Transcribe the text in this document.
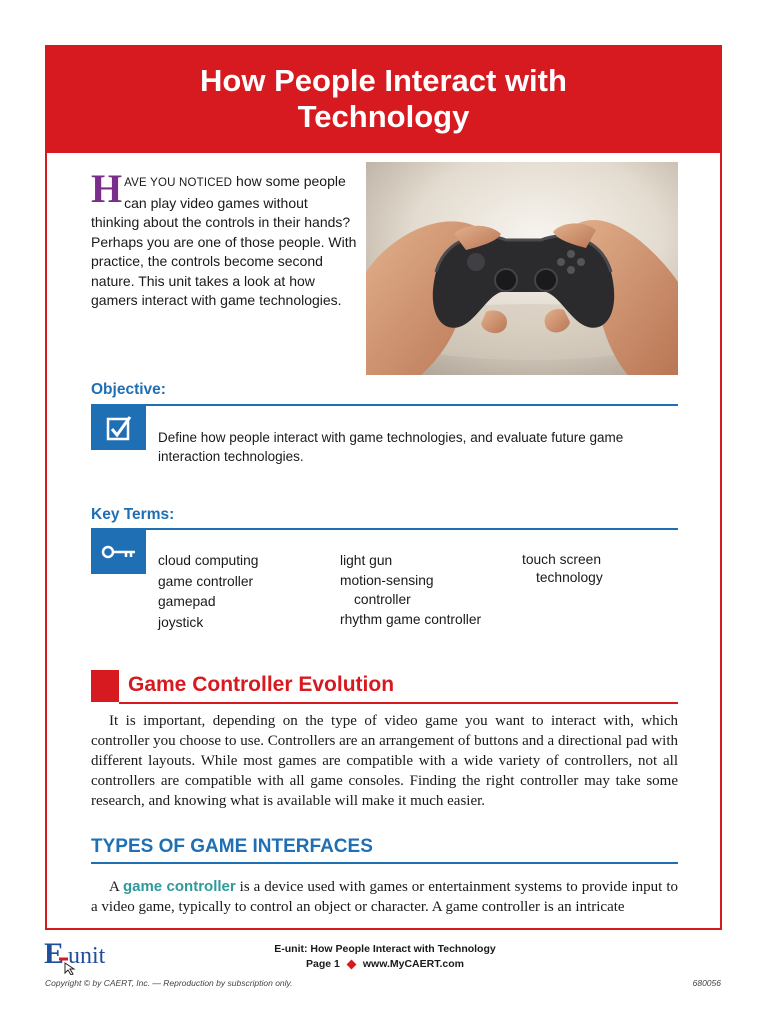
How People Interact with Technology
HAVE YOU NOTICED how some people can play video games without thinking about the controls in their hands? Perhaps you are one of those people. With practice, the controls become second nature. This unit takes a look at how gamers interact with game technologies.
Objective:
Define how people interact with game technologies, and evaluate future game interaction technologies.
Key Terms:
cloud computing
game controller
gamepad
joystick
light gun
motion-sensing
controller
rhythm game controller
touch screen
technology
Game Controller Evolution

It is important, depending on the type of video game you want to interact with, which controller you choose to use. Controllers are an arrangement of buttons and a directional pad with different layouts. While most games are compatible with a wide variety of controllers, not all controllers are compatible with all game consoles. Finding the right controller may take some research, and knowing what is available will make it much easier.

TYPES OF GAME INTERFACES

A game controller is a device used with games or entertainment systems to provide input to a video game, typically to control an object or character. A game controller is an intricate

E unit	E-unit: How People Interact with Technology
Page 1 www.MyCAERT.com
Copyright © by CAERT, Inc. — Reproduction by subscription only.	680056
